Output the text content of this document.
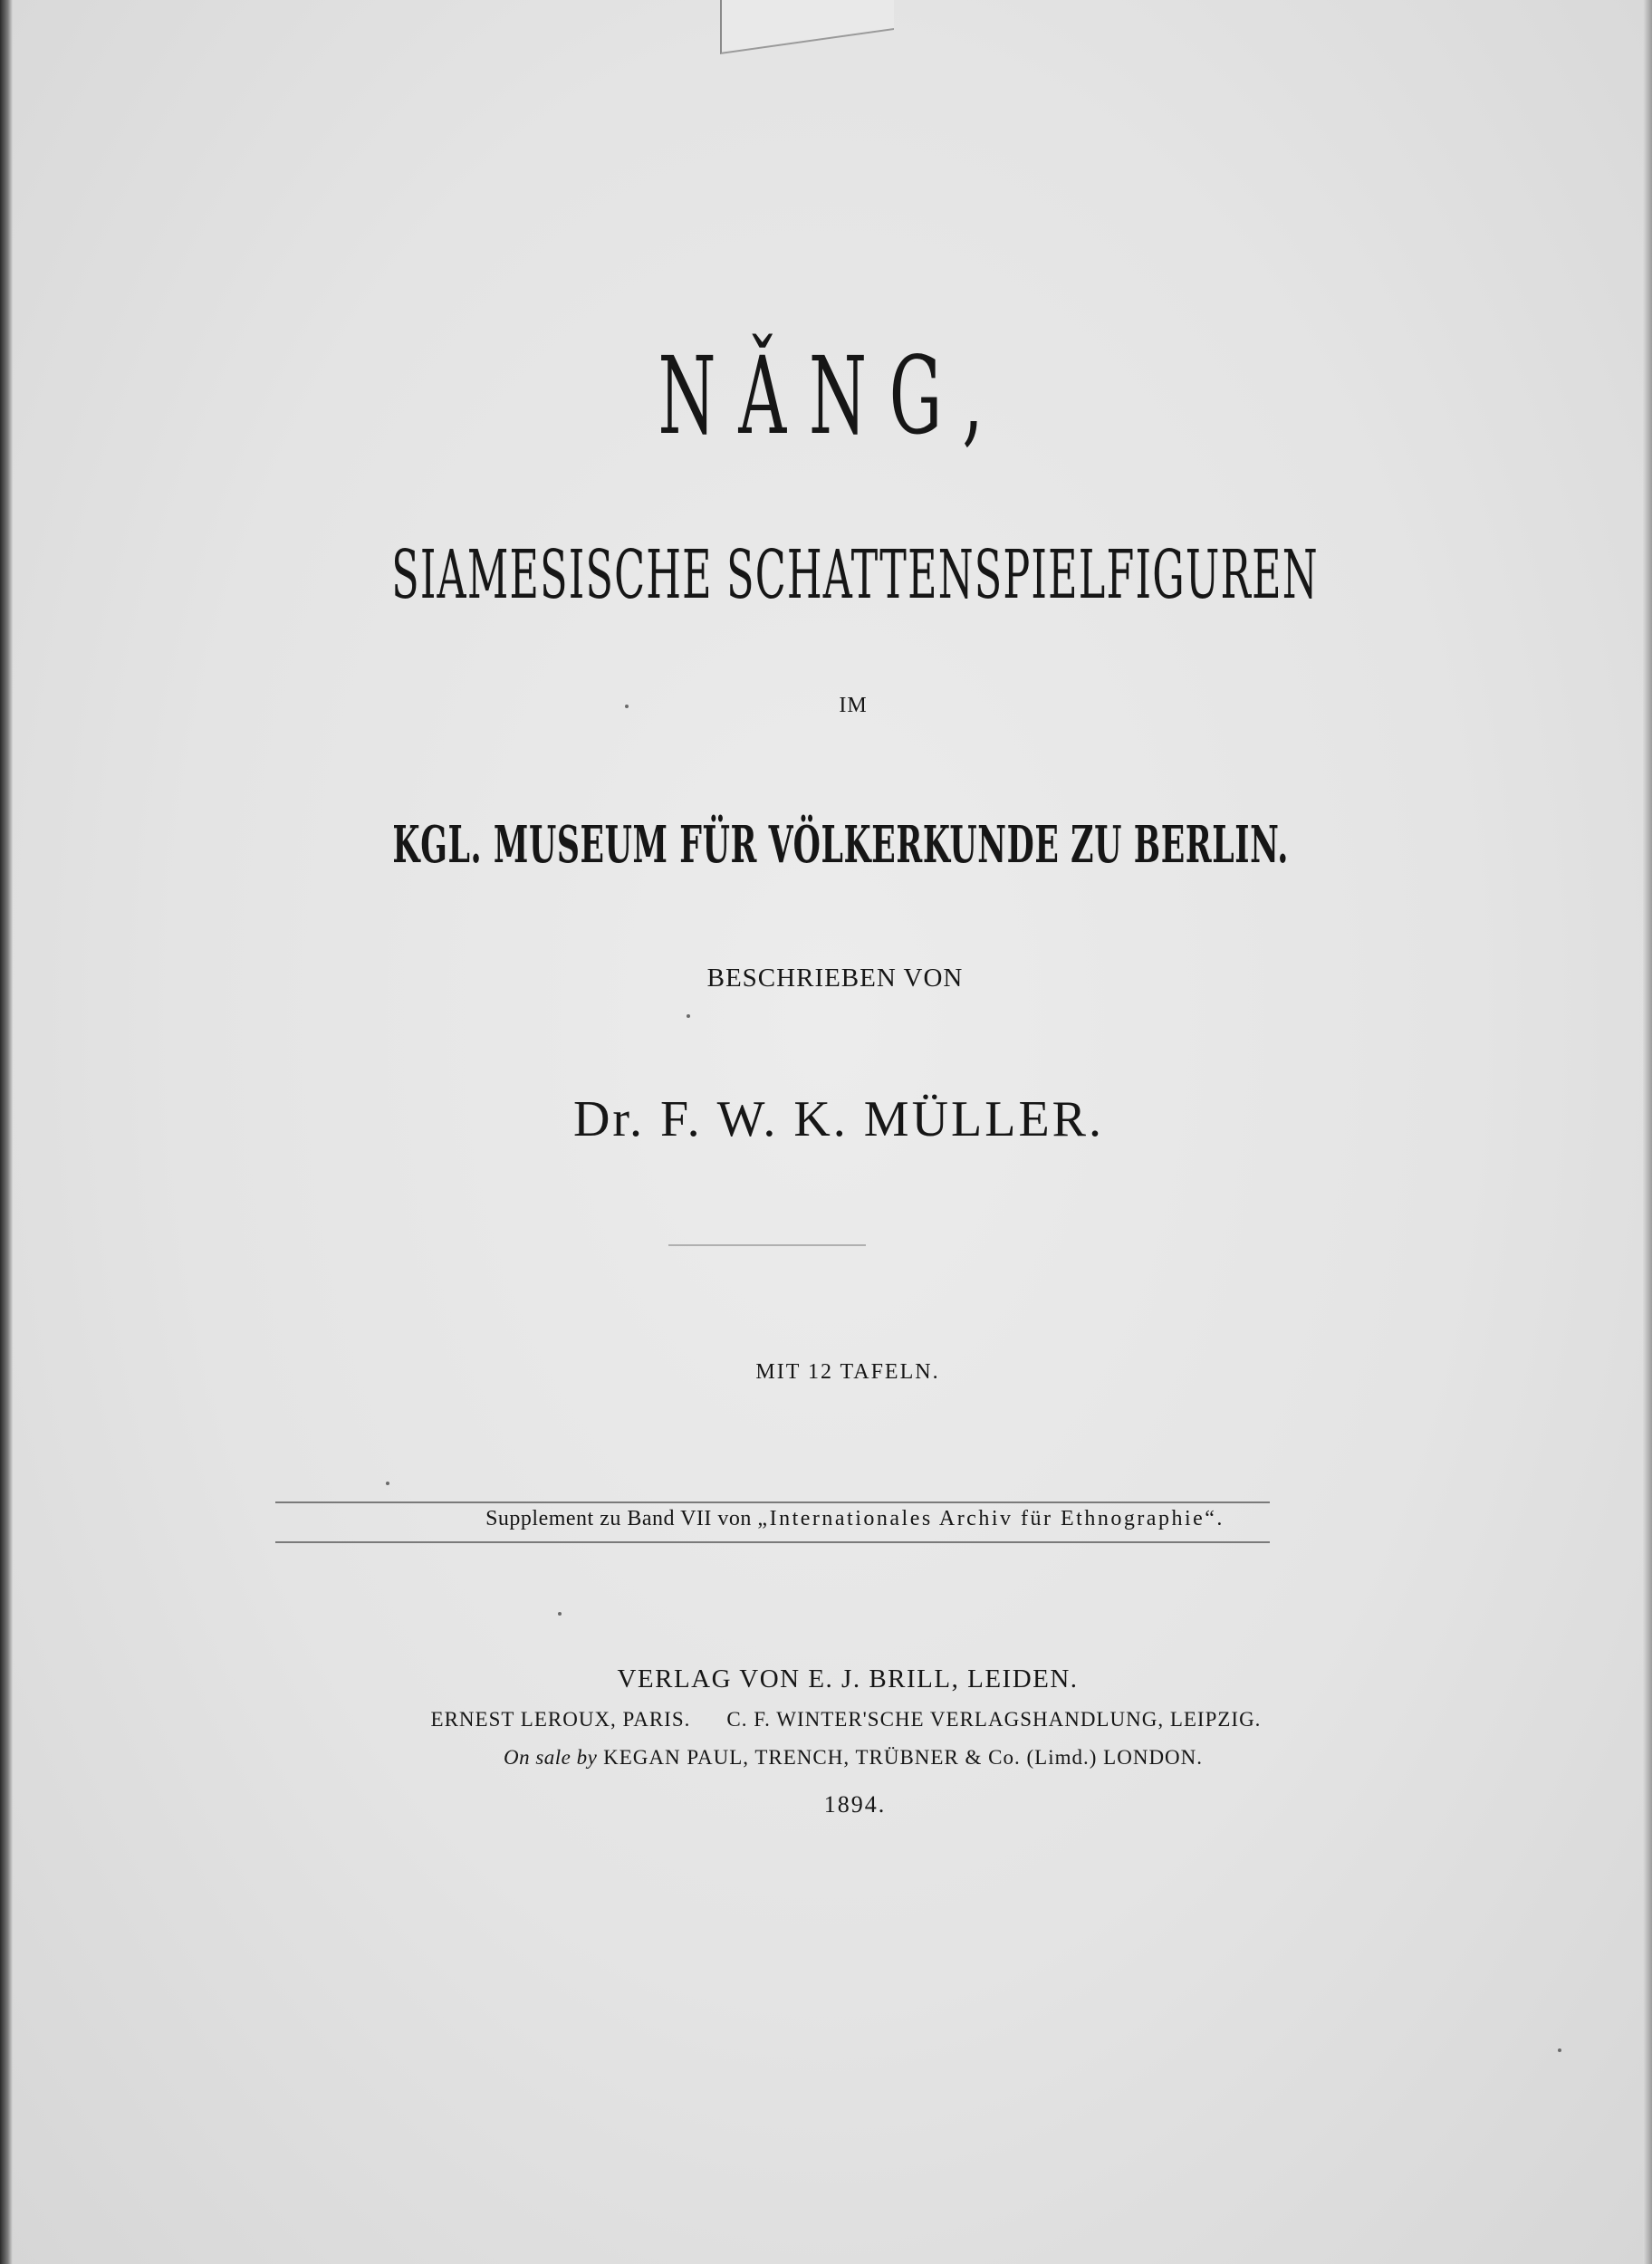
NǍNG,
SIAMESISCHE SCHATTENSPIELFIGUREN
IM
KGL. MUSEUM FÜR VÖLKERKUNDE ZU BERLIN.
BESCHRIEBEN VON
Dr. F. W. K. MÜLLER.
MIT 12 TAFELN.
Supplement zu Band VII von „Internationales Archiv für Ethnographie“.
VERLAG VON E. J. BRILL, LEIDEN.
ERNEST LEROUX, PARIS. C. F. WINTER'SCHE VERLAGSHANDLUNG, LEIPZIG.
On sale by KEGAN PAUL, TRENCH, TRÜBNER & Co. (Limd.) LONDON.
1894.
